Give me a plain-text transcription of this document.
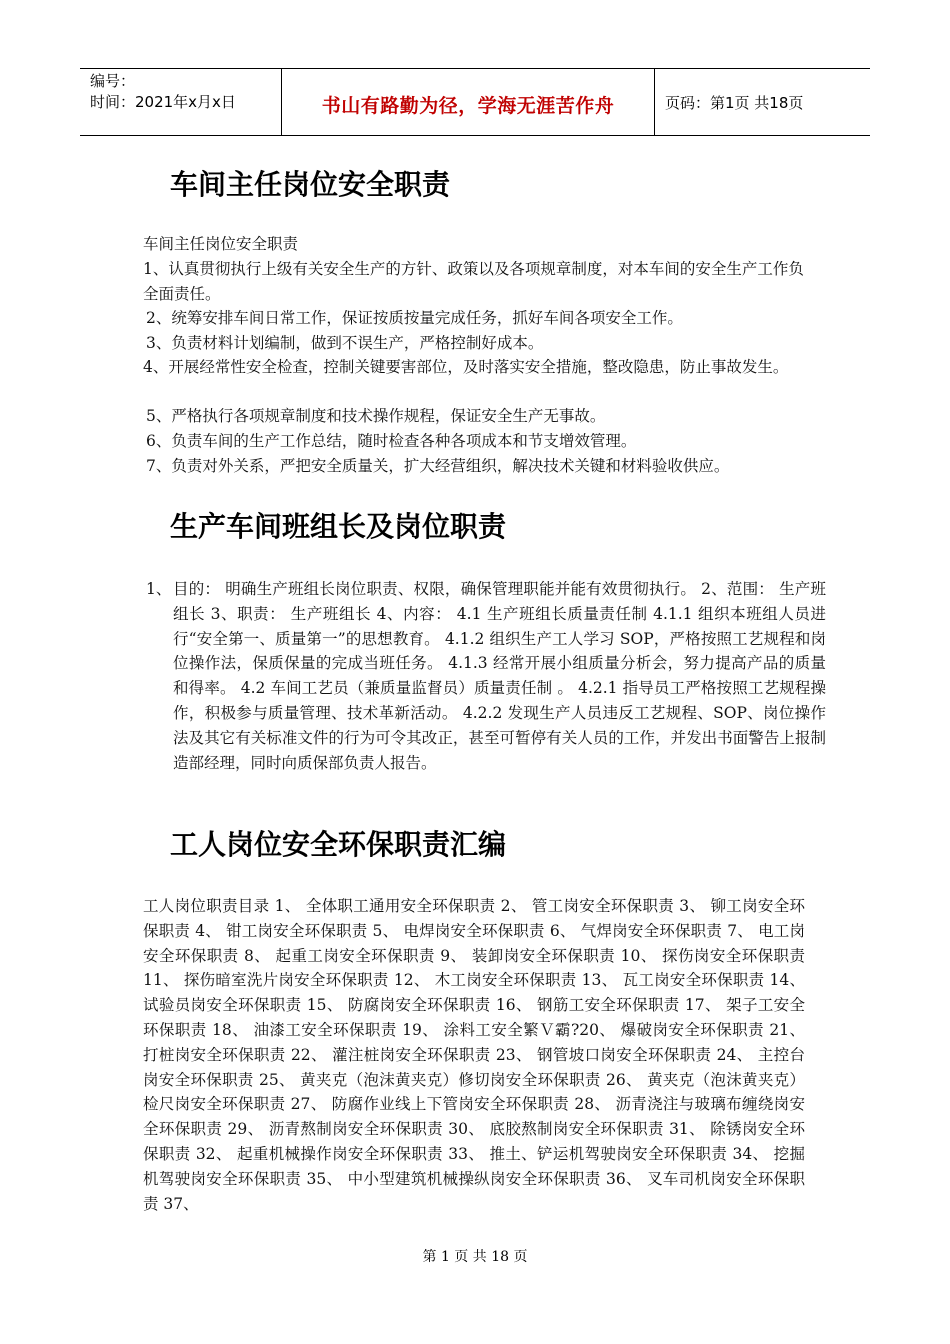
编号：
时间：2021年x月x日	书山有路勤为径，学海无涯苦作舟	页码：第1页 共18页
车间主任岗位安全职责
车间主任岗位安全职责
1、认真贯彻执行上级有关安全生产的方针、政策以及各项规章制度，对本车间的安全生产工作负全面责任。
2、统筹安排车间日常工作，保证按质按量完成任务，抓好车间各项安全工作。
3、负责材料计划编制，做到不误生产，严格控制好成本。
4、开展经常性安全检查，控制关键要害部位，及时落实安全措施，整改隐患，防止事故发生。
5、严格执行各项规章制度和技术操作规程，保证安全生产无事故。
6、负责车间的生产工作总结，随时检查各种各项成本和节支增效管理。
7、负责对外关系，严把安全质量关，扩大经营组织，解决技术关键和材料验收供应。
生产车间班组长及岗位职责
1、 目的： 明确生产班组长岗位职责、权限，确保管理职能并能有效贯彻执行。 2、范围： 生产班组长 3、职责： 生产班组长 4、内容： 4.1 生产班组长质量责任制 4.1.1 组织本班组人员进行“安全第一、质量第一”的思想教育。 4.1.2 组织生产工人学习 SOP，严格按照工艺规程和岗位操作法，保质保量的完成当班任务。 4.1.3 经常开展小组质量分析会，努力提高产品的质量和得率。 4.2 车间工艺员（兼质量监督员）质量责任制 。 4.2.1 指导员工严格按照工艺规程操作，积极参与质量管理、技术革新活动。 4.2.2 发现生产人员违反工艺规程、SOP、岗位操作法及其它有关标准文件的行为可令其改正，甚至可暂停有关人员的工作，并发出书面警告上报制造部经理，同时向质保部负责人报告。
工人岗位安全环保职责汇编
工人岗位职责目录 1、 全体职工通用安全环保职责 2、 管工岗安全环保职责 3、 铆工岗安全环保职责 4、 钳工岗安全环保职责 5、 电焊岗安全环保职责 6、 气焊岗安全环保职责 7、 电工岗安全环保职责 8、 起重工岗安全环保职责 9、 装卸岗安全环保职责 10、 探伤岗安全环保职责 11、 探伤暗室洗片岗安全环保职责 12、 木工岗安全环保职责 13、 瓦工岗安全环保职责 14、 试验员岗安全环保职责 15、 防腐岗安全环保职责 16、 钢筋工安全环保职责 17、 架子工安全环保职责 18、 油漆工安全环保职责 19、 涂料工安全繁Ｖ霸?20、 爆破岗安全环保职责 21、 打桩岗安全环保职责 22、 灌注桩岗安全环保职责 23、 钢管坡口岗安全环保职责 24、 主控台岗安全环保职责 25、 黄夹克（泡沫黄夹克）修切岗安全环保职责 26、 黄夹克（泡沫黄夹克）检尺岗安全环保职责 27、 防腐作业线上下管岗安全环保职责 28、 沥青浇注与玻璃布缠绕岗安全环保职责 29、 沥青熬制岗安全环保职责 30、 底胶熬制岗安全环保职责 31、 除锈岗安全环保职责 32、 起重机械操作岗安全环保职责 33、 推土、铲运机驾驶岗安全环保职责 34、 挖掘机驾驶岗安全环保职责 35、 中小型建筑机械操纵岗安全环保职责 36、 叉车司机岗安全环保职责 37、
第 1 页 共 18 页
